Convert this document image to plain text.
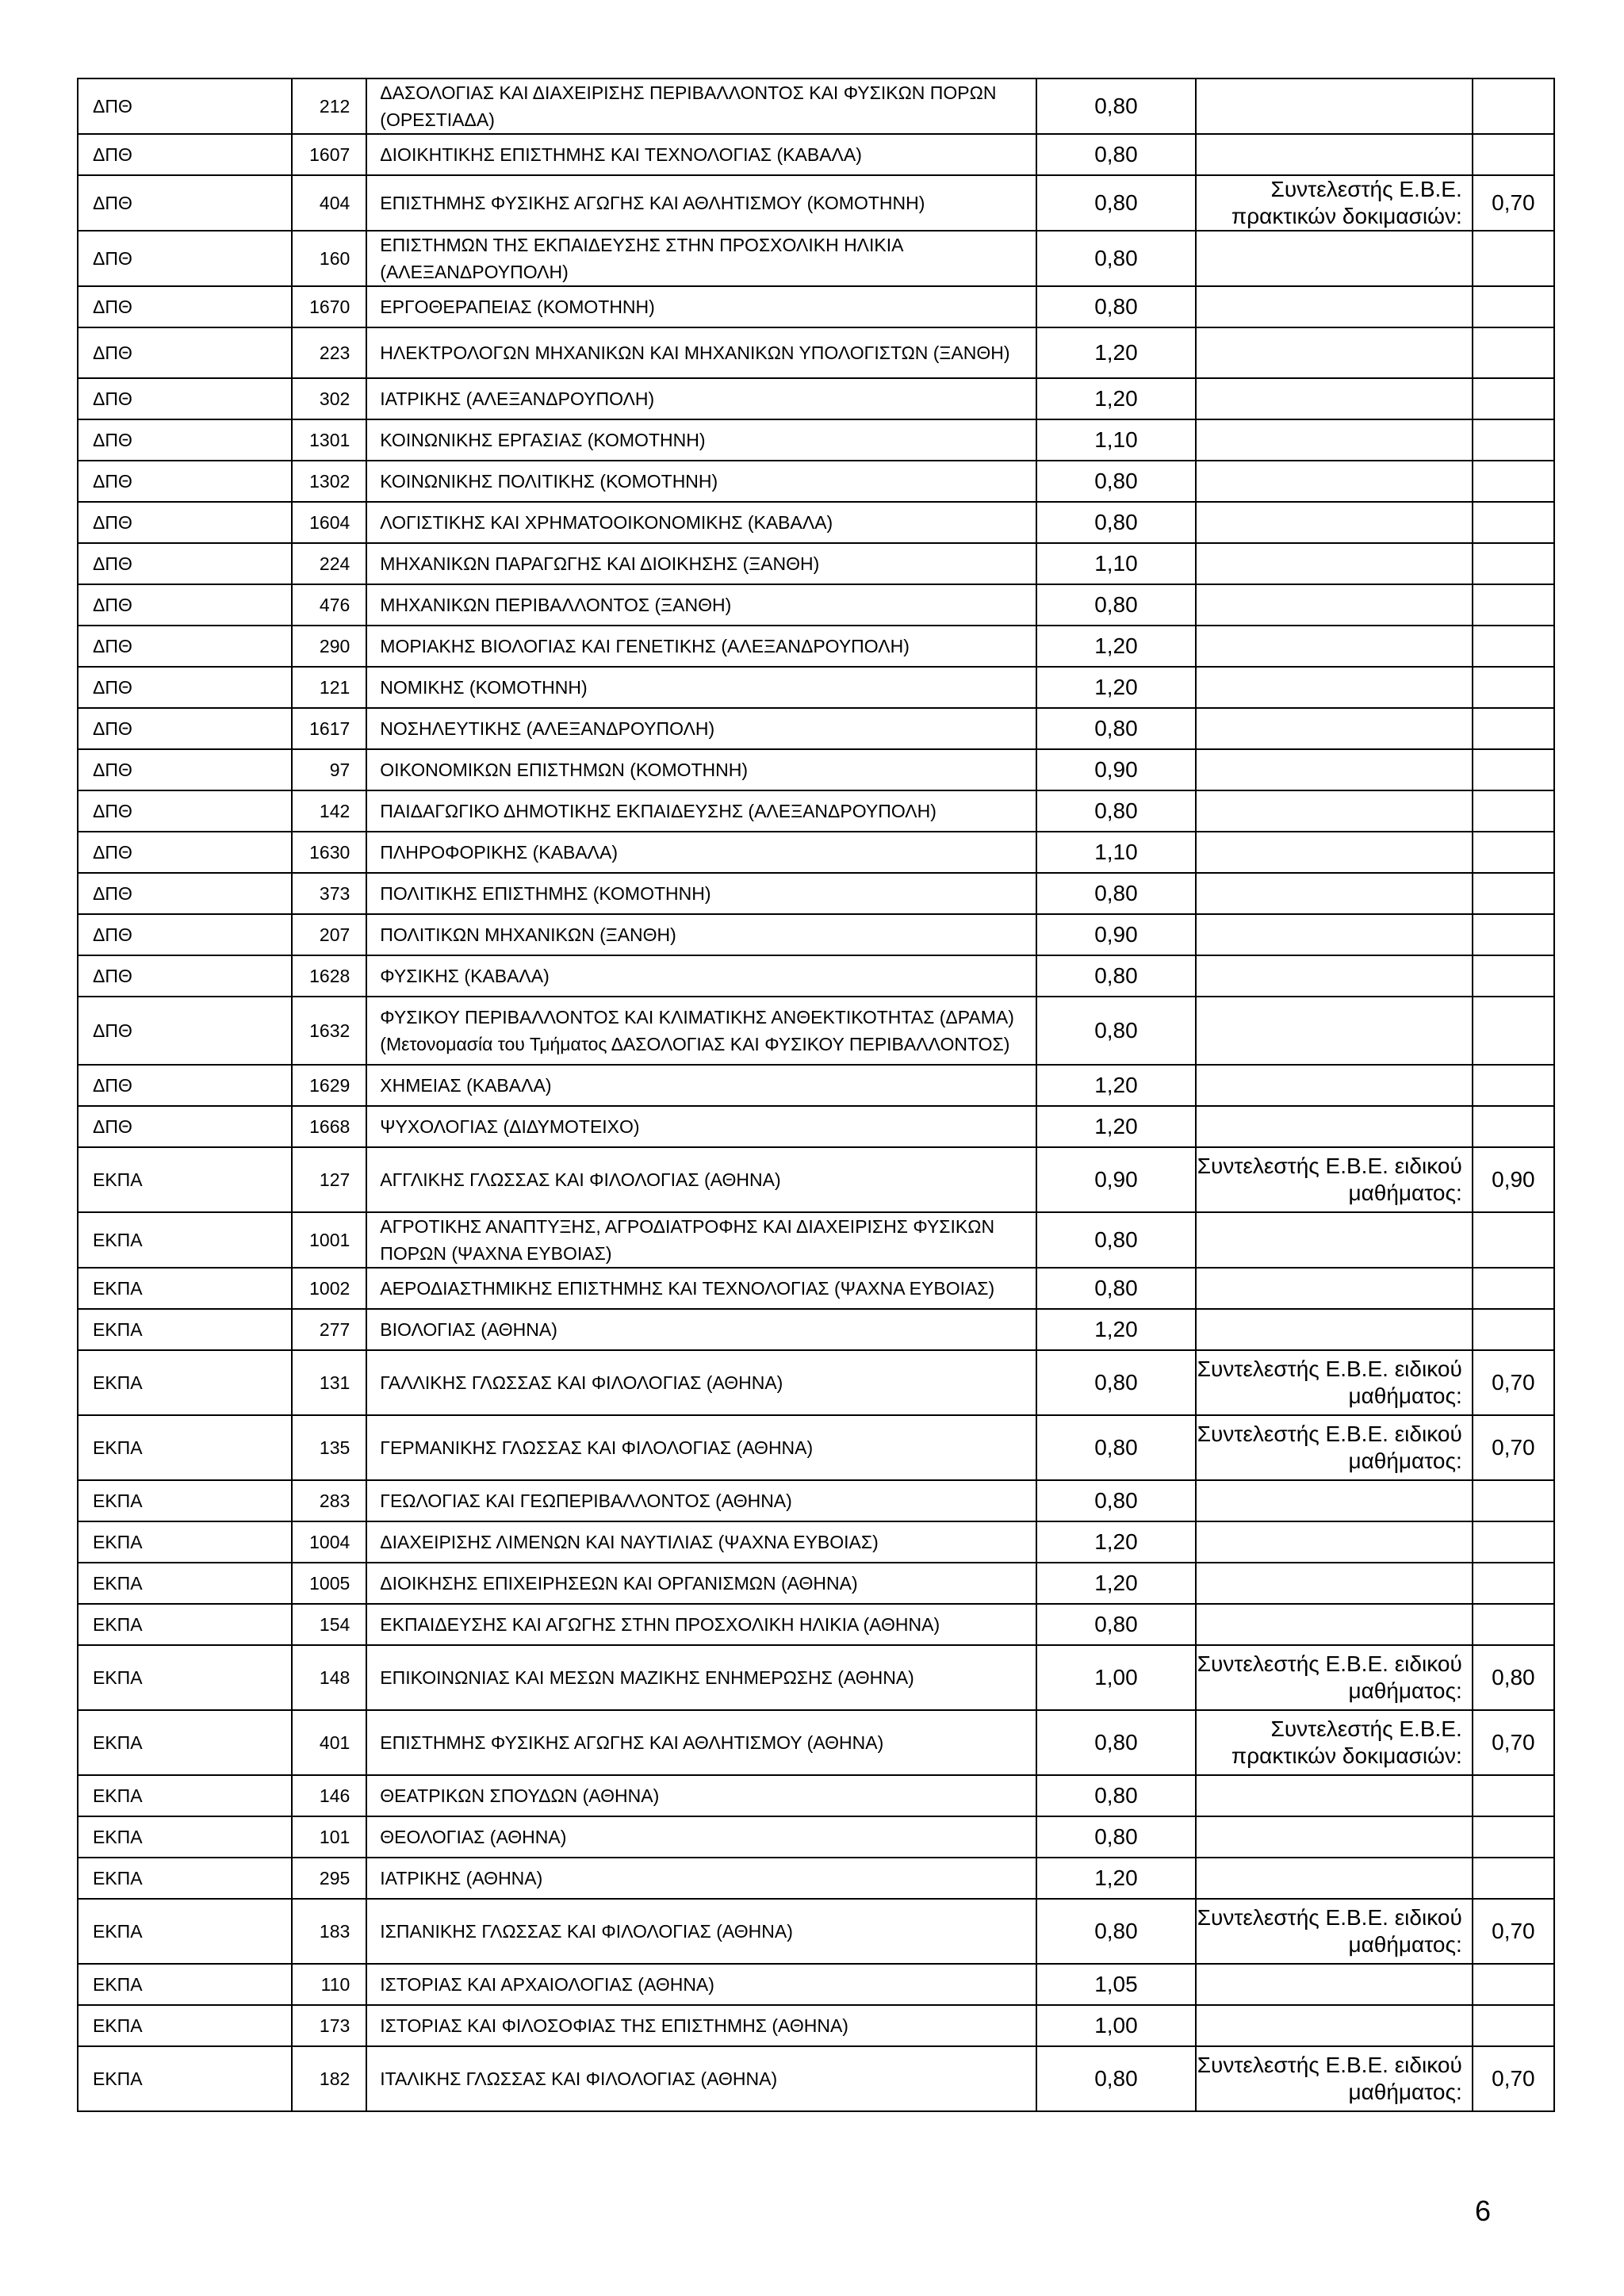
ΔΠΘ	212	ΔΑΣΟΛΟΓΙΑΣ ΚΑΙ ΔΙΑΧΕΙΡΙΣΗΣ ΠΕΡΙΒΑΛΛΟΝΤΟΣ ΚΑΙ ΦΥΣΙΚΩΝ ΠΟΡΩΝ (ΟΡΕΣΤΙΑΔΑ)	0,80		
ΔΠΘ	1607	ΔΙΟΙΚΗΤΙΚΗΣ ΕΠΙΣΤΗΜΗΣ ΚΑΙ ΤΕΧΝΟΛΟΓΙΑΣ (ΚΑΒΑΛΑ)	0,80		
ΔΠΘ	404	ΕΠΙΣΤΗΜΗΣ ΦΥΣΙΚΗΣ ΑΓΩΓΗΣ ΚΑΙ ΑΘΛΗΤΙΣΜΟΥ (ΚΟΜΟΤΗΝΗ)	0,80	Συντελεστής Ε.Β.Ε. πρακτικών δοκιμασιών:	0,70
ΔΠΘ	160	ΕΠΙΣΤΗΜΩΝ ΤΗΣ ΕΚΠΑΙΔΕΥΣΗΣ ΣΤΗΝ ΠΡΟΣΧΟΛΙΚΗ ΗΛΙΚΙΑ (ΑΛΕΞΑΝΔΡΟΥΠΟΛΗ)	0,80		
ΔΠΘ	1670	ΕΡΓΟΘΕΡΑΠΕΙΑΣ (ΚΟΜΟΤΗΝΗ)	0,80		
ΔΠΘ	223	ΗΛΕΚΤΡΟΛΟΓΩΝ ΜΗΧΑΝΙΚΩΝ ΚΑΙ ΜΗΧΑΝΙΚΩΝ ΥΠΟΛΟΓΙΣΤΩΝ (ΞΑΝΘΗ)	1,20		
ΔΠΘ	302	ΙΑΤΡΙΚΗΣ (ΑΛΕΞΑΝΔΡΟΥΠΟΛΗ)	1,20		
ΔΠΘ	1301	ΚΟΙΝΩΝΙΚΗΣ ΕΡΓΑΣΙΑΣ (ΚΟΜΟΤΗΝΗ)	1,10		
ΔΠΘ	1302	ΚΟΙΝΩΝΙΚΗΣ ΠΟΛΙΤΙΚΗΣ (ΚΟΜΟΤΗΝΗ)	0,80		
ΔΠΘ	1604	ΛΟΓΙΣΤΙΚΗΣ ΚΑΙ ΧΡΗΜΑΤΟΟΙΚΟΝΟΜΙΚΗΣ (ΚΑΒΑΛΑ)	0,80		
ΔΠΘ	224	ΜΗΧΑΝΙΚΩΝ ΠΑΡΑΓΩΓΗΣ ΚΑΙ ΔΙΟΙΚΗΣΗΣ (ΞΑΝΘΗ)	1,10		
ΔΠΘ	476	ΜΗΧΑΝΙΚΩΝ ΠΕΡΙΒΑΛΛΟΝΤΟΣ (ΞΑΝΘΗ)	0,80		
ΔΠΘ	290	ΜΟΡΙΑΚΗΣ ΒΙΟΛΟΓΙΑΣ ΚΑΙ ΓΕΝΕΤΙΚΗΣ (ΑΛΕΞΑΝΔΡΟΥΠΟΛΗ)	1,20		
ΔΠΘ	121	ΝΟΜΙΚΗΣ (ΚΟΜΟΤΗΝΗ)	1,20		
ΔΠΘ	1617	ΝΟΣΗΛΕΥΤΙΚΗΣ (ΑΛΕΞΑΝΔΡΟΥΠΟΛΗ)	0,80		
ΔΠΘ	97	ΟΙΚΟΝΟΜΙΚΩΝ ΕΠΙΣΤΗΜΩΝ (ΚΟΜΟΤΗΝΗ)	0,90		
ΔΠΘ	142	ΠΑΙΔΑΓΩΓΙΚΟ ΔΗΜΟΤΙΚΗΣ ΕΚΠΑΙΔΕΥΣΗΣ (ΑΛΕΞΑΝΔΡΟΥΠΟΛΗ)	0,80		
ΔΠΘ	1630	ΠΛΗΡΟΦΟΡΙΚΗΣ (ΚΑΒΑΛΑ)	1,10		
ΔΠΘ	373	ΠΟΛΙΤΙΚΗΣ ΕΠΙΣΤΗΜΗΣ (ΚΟΜΟΤΗΝΗ)	0,80		
ΔΠΘ	207	ΠΟΛΙΤΙΚΩΝ ΜΗΧΑΝΙΚΩΝ (ΞΑΝΘΗ)	0,90		
ΔΠΘ	1628	ΦΥΣΙΚΗΣ (ΚΑΒΑΛΑ)	0,80		
ΔΠΘ	1632	ΦΥΣΙΚΟΥ ΠΕΡΙΒΑΛΛΟΝΤΟΣ ΚΑΙ ΚΛΙΜΑΤΙΚΗΣ ΑΝΘΕΚΤΙΚΟΤΗΤΑΣ (ΔΡΑΜΑ) (Μετονομασία του Τμήματος ΔΑΣΟΛΟΓΙΑΣ ΚΑΙ ΦΥΣΙΚΟΥ ΠΕΡΙΒΑΛΛΟΝΤΟΣ)	0,80		
ΔΠΘ	1629	ΧΗΜΕΙΑΣ (ΚΑΒΑΛΑ)	1,20		
ΔΠΘ	1668	ΨΥΧΟΛΟΓΙΑΣ (ΔΙΔΥΜΟΤΕΙΧΟ)	1,20		
ΕΚΠΑ	127	ΑΓΓΛΙΚΗΣ ΓΛΩΣΣΑΣ ΚΑΙ ΦΙΛΟΛΟΓΙΑΣ (ΑΘΗΝΑ)	0,90	Συντελεστής Ε.Β.Ε. ειδικού μαθήματος:	0,90
ΕΚΠΑ	1001	ΑΓΡΟΤΙΚΗΣ ΑΝΑΠΤΥΞΗΣ, ΑΓΡΟΔΙΑΤΡΟΦΗΣ ΚΑΙ ΔΙΑΧΕΙΡΙΣΗΣ ΦΥΣΙΚΩΝ ΠΟΡΩΝ (ΨΑΧΝΑ ΕΥΒΟΙΑΣ)	0,80		
ΕΚΠΑ	1002	ΑΕΡΟΔΙΑΣΤΗΜΙΚΗΣ ΕΠΙΣΤΗΜΗΣ ΚΑΙ ΤΕΧΝΟΛΟΓΙΑΣ (ΨΑΧΝΑ ΕΥΒΟΙΑΣ)	0,80		
ΕΚΠΑ	277	ΒΙΟΛΟΓΙΑΣ (ΑΘΗΝΑ)	1,20		
ΕΚΠΑ	131	ΓΑΛΛΙΚΗΣ ΓΛΩΣΣΑΣ ΚΑΙ ΦΙΛΟΛΟΓΙΑΣ (ΑΘΗΝΑ)	0,80	Συντελεστής Ε.Β.Ε. ειδικού μαθήματος:	0,70
ΕΚΠΑ	135	ΓΕΡΜΑΝΙΚΗΣ ΓΛΩΣΣΑΣ ΚΑΙ ΦΙΛΟΛΟΓΙΑΣ (ΑΘΗΝΑ)	0,80	Συντελεστής Ε.Β.Ε. ειδικού μαθήματος:	0,70
ΕΚΠΑ	283	ΓΕΩΛΟΓΙΑΣ ΚΑΙ ΓΕΩΠΕΡΙΒΑΛΛΟΝΤΟΣ (ΑΘΗΝΑ)	0,80		
ΕΚΠΑ	1004	ΔΙΑΧΕΙΡΙΣΗΣ ΛΙΜΕΝΩΝ ΚΑΙ ΝΑΥΤΙΛΙΑΣ (ΨΑΧΝΑ ΕΥΒΟΙΑΣ)	1,20		
ΕΚΠΑ	1005	ΔΙΟΙΚΗΣΗΣ ΕΠΙΧΕΙΡΗΣΕΩΝ ΚΑΙ ΟΡΓΑΝΙΣΜΩΝ (ΑΘΗΝΑ)	1,20		
ΕΚΠΑ	154	ΕΚΠΑΙΔΕΥΣΗΣ ΚΑΙ ΑΓΩΓΗΣ ΣΤΗΝ ΠΡΟΣΧΟΛΙΚΗ ΗΛΙΚΙΑ (ΑΘΗΝΑ)	0,80		
ΕΚΠΑ	148	ΕΠΙΚΟΙΝΩΝΙΑΣ ΚΑΙ ΜΕΣΩΝ ΜΑΖΙΚΗΣ ΕΝΗΜΕΡΩΣΗΣ (ΑΘΗΝΑ)	1,00	Συντελεστής Ε.Β.Ε. ειδικού μαθήματος:	0,80
ΕΚΠΑ	401	ΕΠΙΣΤΗΜΗΣ ΦΥΣΙΚΗΣ ΑΓΩΓΗΣ ΚΑΙ ΑΘΛΗΤΙΣΜΟΥ (ΑΘΗΝΑ)	0,80	Συντελεστής Ε.Β.Ε. πρακτικών δοκιμασιών:	0,70
ΕΚΠΑ	146	ΘΕΑΤΡΙΚΩΝ ΣΠΟΥΔΩΝ (ΑΘΗΝΑ)	0,80		
ΕΚΠΑ	101	ΘΕΟΛΟΓΙΑΣ (ΑΘΗΝΑ)	0,80		
ΕΚΠΑ	295	ΙΑΤΡΙΚΗΣ (ΑΘΗΝΑ)	1,20		
ΕΚΠΑ	183	ΙΣΠΑΝΙΚΗΣ ΓΛΩΣΣΑΣ ΚΑΙ ΦΙΛΟΛΟΓΙΑΣ (ΑΘΗΝΑ)	0,80	Συντελεστής Ε.Β.Ε. ειδικού μαθήματος:	0,70
ΕΚΠΑ	110	ΙΣΤΟΡΙΑΣ ΚΑΙ ΑΡΧΑΙΟΛΟΓΙΑΣ (ΑΘΗΝΑ)	1,05		
ΕΚΠΑ	173	ΙΣΤΟΡΙΑΣ ΚΑΙ ΦΙΛΟΣΟΦΙΑΣ ΤΗΣ ΕΠΙΣΤΗΜΗΣ (ΑΘΗΝΑ)	1,00		
ΕΚΠΑ	182	ΙΤΑΛΙΚΗΣ ΓΛΩΣΣΑΣ ΚΑΙ ΦΙΛΟΛΟΓΙΑΣ (ΑΘΗΝΑ)	0,80	Συντελεστής Ε.Β.Ε. ειδικού μαθήματος:	0,70
6
